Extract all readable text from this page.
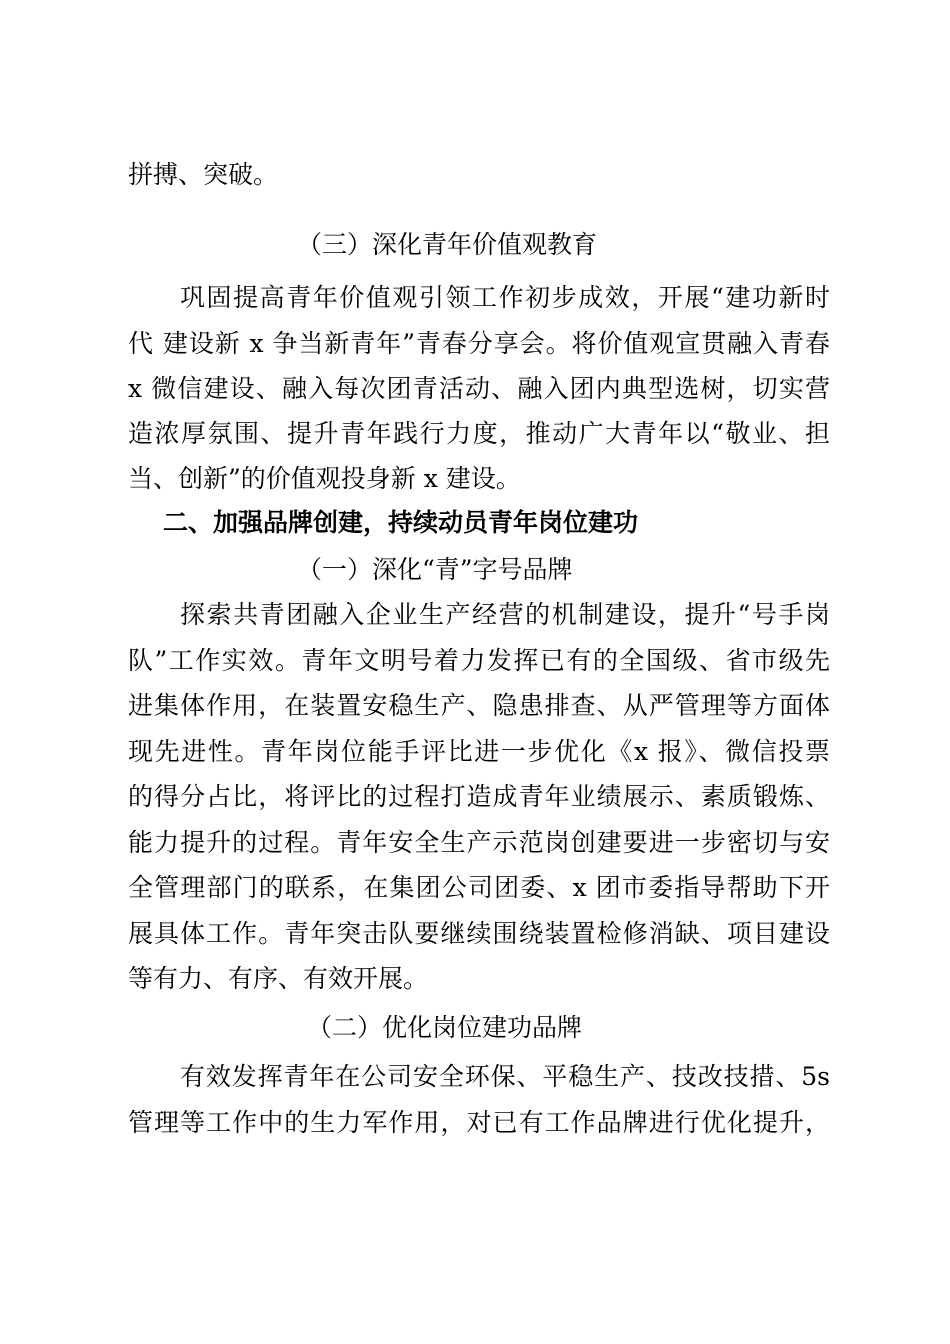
拼搏、突破。
（三）深化青年价值观教育
巩固提高青年价值观引领工作初步成效，开展“建功新时
代 建设新 x 争当新青年”青春分享会。将价值观宣贯融入青春
x 微信建设、融入每次团青活动、融入团内典型选树，切实营
造浓厚氛围、提升青年践行力度，推动广大青年以“敬业、担
当、创新”的价值观投身新 x 建设。
二、加强品牌创建，持续动员青年岗位建功
（一）深化“青”字号品牌
探索共青团融入企业生产经营的机制建设，提升“号手岗
队”工作实效。青年文明号着力发挥已有的全国级、省市级先
进集体作用，在装置安稳生产、隐患排查、从严管理等方面体
现先进性。青年岗位能手评比进一步优化《x 报》、微信投票
的得分占比，将评比的过程打造成青年业绩展示、素质锻炼、
能力提升的过程。青年安全生产示范岗创建要进一步密切与安
全管理部门的联系，在集团公司团委、x 团市委指导帮助下开
展具体工作。青年突击队要继续围绕装置检修消缺、项目建设
等有力、有序、有效开展。
（二）优化岗位建功品牌
有效发挥青年在公司安全环保、平稳生产、技改技措、5s
管理等工作中的生力军作用，对已有工作品牌进行优化提升，
